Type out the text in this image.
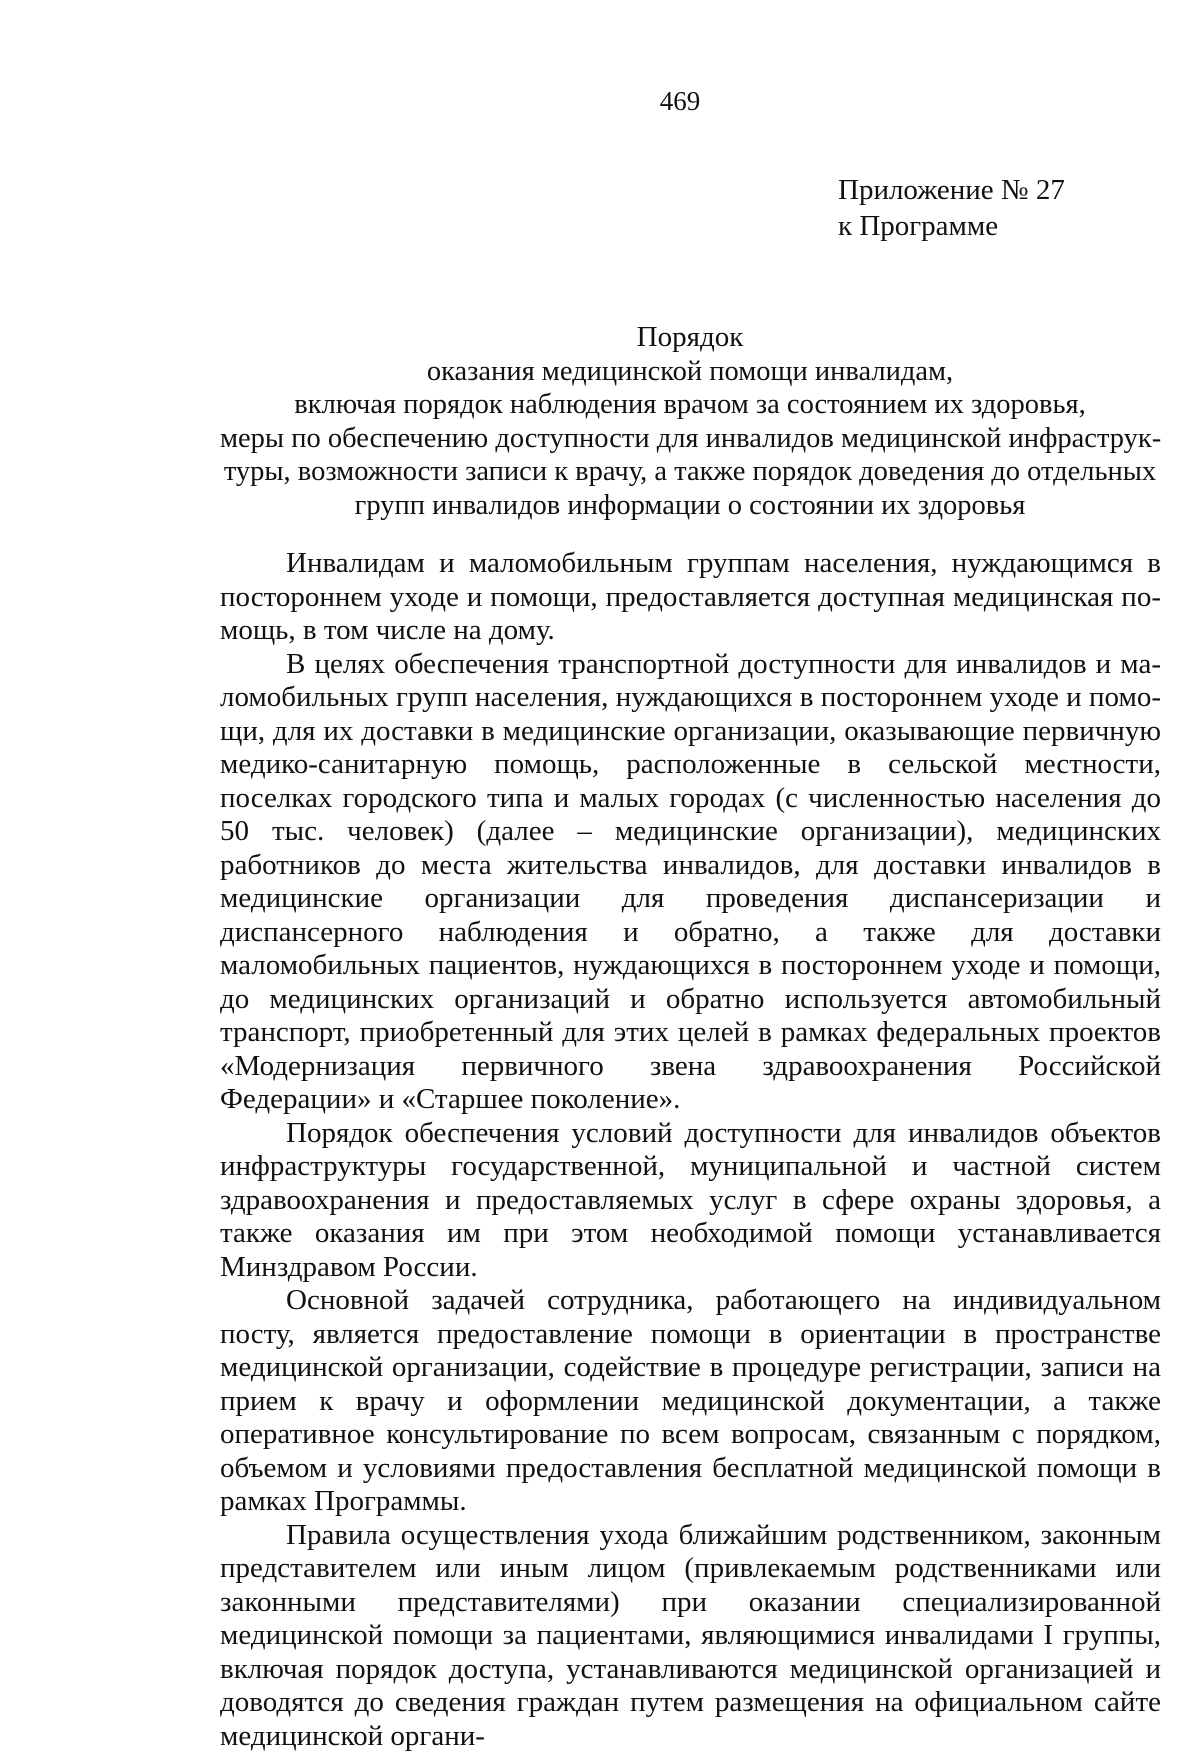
469
Приложение № 27
к Программе
Порядок
оказания медицинской помощи инвалидам,
включая порядок наблюдения врачом за состоянием их здоровья,
меры по обеспечению доступности для инвалидов медицинской инфраструк-
туры, возможности записи к врачу, а также порядок доведения до отдельных
групп инвалидов информации о состоянии их здоровья

Инвалидам и маломобильным группам населения, нуждающимся в постороннем уходе и помощи, предоставляется доступная медицинская помощь, в том числе на дому.

В целях обеспечения транспортной доступности для инвалидов и маломобильных групп населения, нуждающихся в постороннем уходе и помощи, для их доставки в медицинские организации, оказывающие первичную медико-санитарную помощь, расположенные в сельской местности, поселках городского типа и малых городах (с численностью населения до 50 тыс. человек) (далее – медицинские организации), медицинских работников до места жительства инвалидов, для доставки инвалидов в медицинские организации для проведения диспансеризации и диспансерного наблюдения и обратно, а также для доставки маломобильных пациентов, нуждающихся в постороннем уходе и помощи, до медицинских организаций и обратно используется автомобильный транспорт, приобретенный для этих целей в рамках федеральных проектов «Модернизация первичного звена здравоохранения Российской Федерации» и «Старшее поколение».

Порядок обеспечения условий доступности для инвалидов объектов инфраструктуры государственной, муниципальной и частной систем здравоохранения и предоставляемых услуг в сфере охраны здоровья, а также оказания им при этом необходимой помощи устанавливается Минздравом России.

Основной задачей сотрудника, работающего на индивидуальном посту, является предоставление помощи в ориентации в пространстве медицинской организации, содействие в процедуре регистрации, записи на прием к врачу и оформлении медицинской документации, а также оперативное консультирование по всем вопросам, связанным с порядком, объемом и условиями предоставления бесплатной медицинской помощи в рамках Программы.

Правила осуществления ухода ближайшим родственником, законным представителем или иным лицом (привлекаемым родственниками или законными представителями) при оказании специализированной медицинской помощи за пациентами, являющимися инвалидами I группы, включая порядок доступа, устанавливаются медицинской организацией и доводятся до сведения граждан путем размещения на официальном сайте медицинской органи-
